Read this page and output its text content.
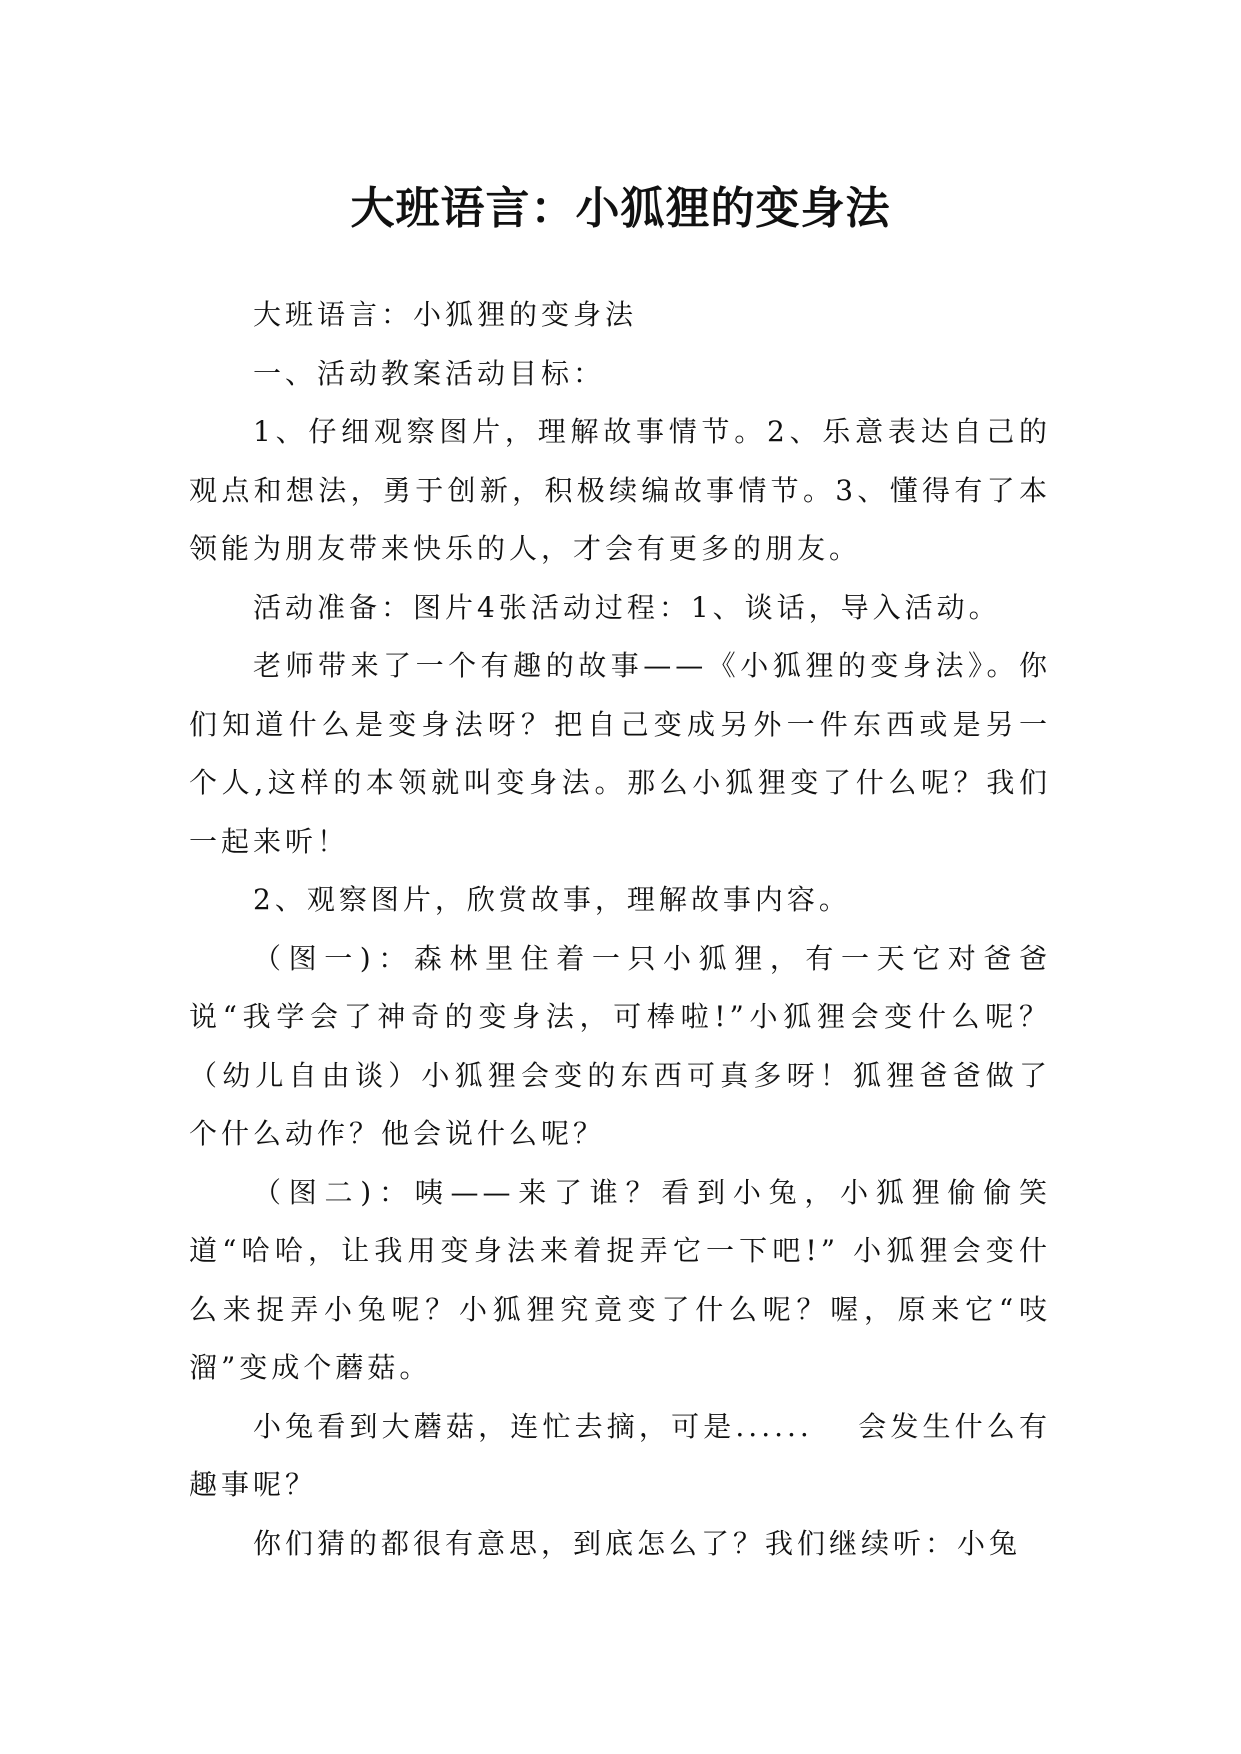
大班语言：小狐狸的变身法

大班语言：小狐狸的变身法

一、活动教案活动目标：

1、仔细观察图片，理解故事情节。2、乐意表达自己的观点和想法，勇于创新，积极续编故事情节。3、懂得有了本领能为朋友带来快乐的人，才会有更多的朋友。

活动准备：图片4张活动过程：1、谈话，导入活动。

老师带来了一个有趣的故事——《小狐狸的变身法》。你们知道什么是变身法呀？把自己变成另外一件东西或是另一个人,这样的本领就叫变身法。那么小狐狸变了什么呢？我们一起来听！

2、观察图片，欣赏故事，理解故事内容。

（图一)：森林里住着一只小狐狸，有一天它对爸爸说“我学会了神奇的变身法，可棒啦!”小狐狸会变什么呢？（幼儿自由谈）小狐狸会变的东西可真多呀！狐狸爸爸做了个什么动作？他会说什么呢？

（图二)：咦——来了谁？看到小兔，小狐狸偷偷笑道“哈哈，让我用变身法来着捉弄它一下吧!” 小狐狸会变什么来捉弄小兔呢？小狐狸究竟变了什么呢？喔，原来它“吱溜”变成个蘑菇。

小兔看到大蘑菇，连忙去摘，可是......　 会发生什么有趣事呢？

你们猜的都很有意思，到底怎么了？我们继续听：小兔
